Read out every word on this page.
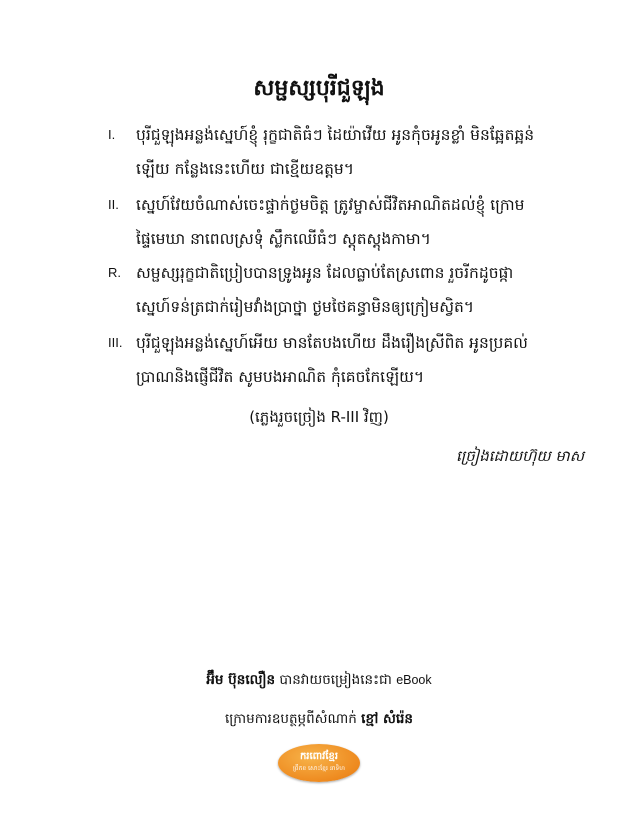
សម្ផស្សបុរីជួឡុង
I.	បុរីជួឡុងអន្លង់ស្នេហ៍ខ្ញុំ រុក្ខជាតិធំៗ ដៃយ៉ាវើយ អូនកុំចអូនខ្លាំ មិនឆ្អែតឆ្អន់
ឡើយ កន្លែងនេះហើយ ជាខ្មើយឧត្ដម។
II.	ស្នេហ៍វែយចំណាស់ចេះផ្ទាក់ថ្ងមចិត្ត ត្រូវម្ចាស់ជីវិតអាណិតដល់ខ្ញុំ ក្រោម
ផ្ទៃមេឃា នាពេលស្រទុំ ស្លឹកឈើធំៗ ស្តុតស្តុងកាមា។
R. សម្ផស្សរុក្ខជាតិប្រៀបបានទ្រូងអូន ដែលធ្លាប់តែស្រពោន រួចរីកដូចផ្កា
ស្នេហ៍ទន់ត្រជាក់រៀមវាំងប្រាថ្នា ថ្ងមថៃគន្ធាមិនឲ្យក្រៀមស្វិត។
III. បុរីជួឡុងអន្លង់ស្នេហ៍អើយ មានតែបងហើយ ដឹងរឿងស្រីពិត អូនប្រគល់
ប្រាណនិងផ្ញើជីវិត សូមបងអាណិត កុំគេចកែឡើយ។
(ភ្លេងរួចច្រៀង R-III វិញ)
ច្រៀងដោយហ៊ុយ មាស
អ៊ឹម ប៊ុនលឿន បានវាយចម្រៀងនេះជា eBook
ក្រោមការឧបត្ថម្ភពីសំណាក់ ខ្មៅ សំរ៉េន
ករពោវ​ខ្មែរ
ព្រឹកខ​ សោះខ្មែរ នាទិហ
